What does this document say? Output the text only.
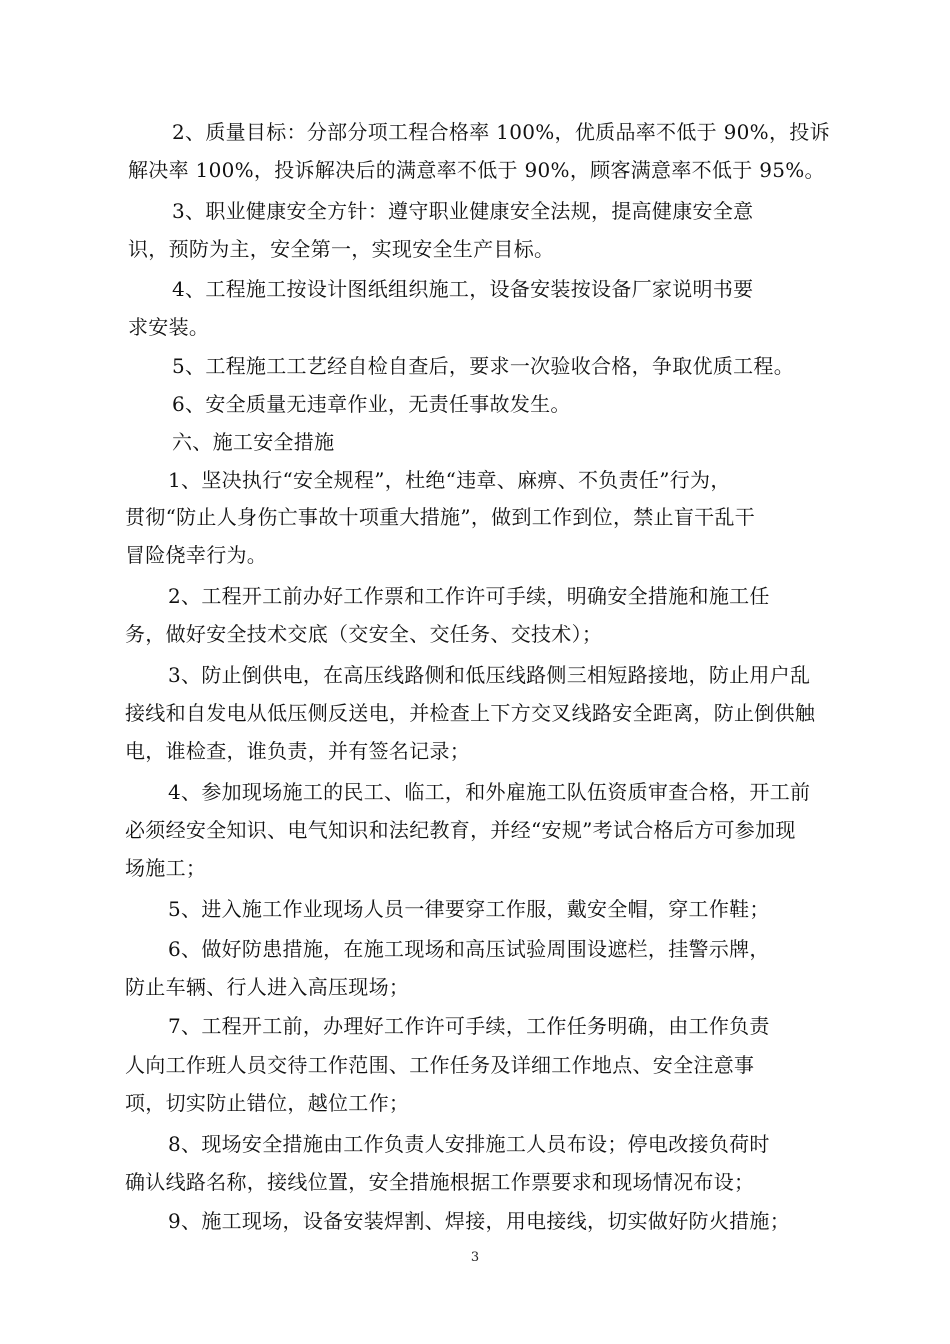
2、质量目标：分部分项工程合格率 100%，优质品率不低于 90%，投诉
解决率 100%，投诉解决后的满意率不低于 90%，顾客满意率不低于 95%。
3、职业健康安全方针：遵守职业健康安全法规，提高健康安全意
识，预防为主，安全第一，实现安全生产目标。
4、工程施工按设计图纸组织施工，设备安装按设备厂家说明书要
求安装。
5、工程施工工艺经自检自查后，要求一次验收合格，争取优质工程。
6、安全质量无违章作业，无责任事故发生。
六、施工安全措施
1、坚决执行“安全规程”，杜绝“违章、麻痹、不负责任”行为，
贯彻“防止人身伤亡事故十项重大措施”，做到工作到位，禁止盲干乱干
冒险侥幸行为。
2、工程开工前办好工作票和工作许可手续，明确安全措施和施工任
务，做好安全技术交底（交安全、交任务、交技术）；
3、防止倒供电，在高压线路侧和低压线路侧三相短路接地，防止用户乱
接线和自发电从低压侧反送电，并检查上下方交叉线路安全距离，防止倒供触
电，谁检查，谁负责，并有签名记录；
4、参加现场施工的民工、临工，和外雇施工队伍资质审查合格，开工前
必须经安全知识、电气知识和法纪教育，并经“安规”考试合格后方可参加现
场施工；
5、进入施工作业现场人员一律要穿工作服，戴安全帽，穿工作鞋；
6、做好防患措施，在施工现场和高压试验周围设遮栏，挂警示牌，
防止车辆、行人进入高压现场；
7、工程开工前，办理好工作许可手续，工作任务明确，由工作负责
人向工作班人员交待工作范围、工作任务及详细工作地点、安全注意事
项，切实防止错位，越位工作；
8、现场安全措施由工作负责人安排施工人员布设；停电改接负荷时
确认线路名称，接线位置，安全措施根据工作票要求和现场情况布设；
9、施工现场，设备安装焊割、焊接，用电接线，切实做好防火措施；
3
